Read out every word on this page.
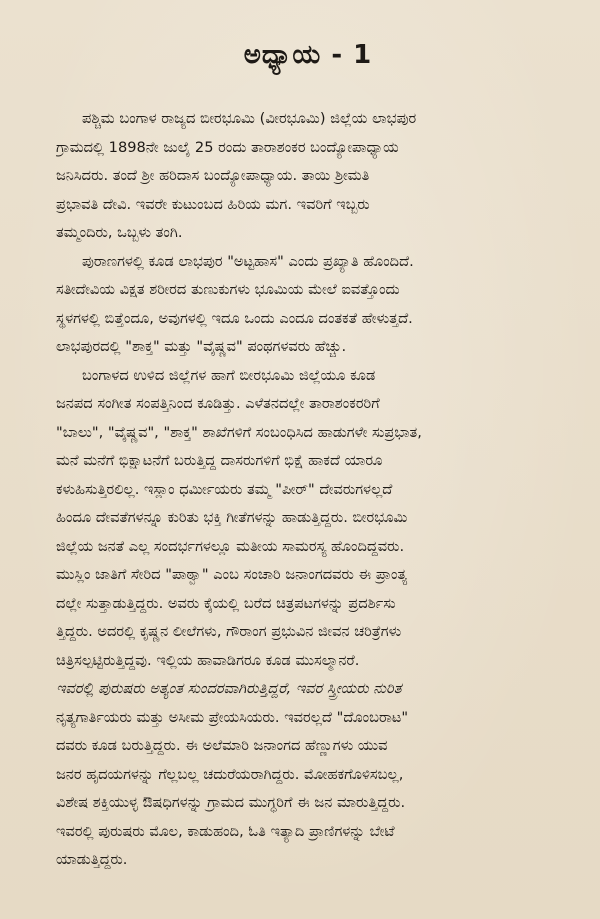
ಅಧ್ಯಾಯ - 1

ಪಶ್ಚಿಮ ಬಂಗಾಳ ರಾಜ್ಯದ ಬೀರಭೂಮಿ (ವೀರಭೂಮಿ) ಜಿಲ್ಲೆಯ ಲಾಭಪುರ
ಗ್ರಾಮದಲ್ಲಿ 1898ನೇ ಜುಲೈ 25 ರಂದು ತಾರಾಶಂಕರ ಬಂದ್ಯೋಪಾಧ್ಯಾಯ
ಜನಿಸಿದರು. ತಂದೆ ಶ್ರೀ ಹರಿದಾಸ ಬಂದ್ಯೋಪಾಧ್ಯಾಯ. ತಾಯಿ ಶ್ರೀಮತಿ
ಪ್ರಭಾವತಿ ದೇವಿ. ಇವರೇ ಕುಟುಂಬದ ಹಿರಿಯ ಮಗ. ಇವರಿಗೆ ಇಬ್ಬರು
ತಮ್ಮಂದಿರು, ಒಬ್ಬಳು ತಂಗಿ.

ಪುರಾಣಗಳಲ್ಲಿ ಕೂಡ ಲಾಭಪುರ "ಅಟ್ಟಹಾಸ" ಎಂದು ಪ್ರಖ್ಯಾತಿ ಹೊಂದಿದೆ.
ಸತೀದೇವಿಯ ವಿಕ್ಷತ ಶರೀರದ ತುಣುಕುಗಳು ಭೂಮಿಯ ಮೇಲೆ ಐವತ್ತೊಂದು
ಸ್ಥಳಗಳಲ್ಲಿ ಬಿತ್ತೆಂದೂ, ಅವುಗಳಲ್ಲಿ ಇದೂ ಒಂದು ಎಂದೂ ದಂತಕತೆ ಹೇಳುತ್ತದೆ.
ಲಾಭಪುರದಲ್ಲಿ "ಶಾಕ್ತ" ಮತ್ತು "ವೈಷ್ಣವ" ಪಂಥಗಳವರು ಹೆಚ್ಚು.

ಬಂಗಾಳದ ಉಳಿದ ಜಿಲ್ಲೆಗಳ ಹಾಗೆ ಬೀರಭೂಮಿ ಜಿಲ್ಲೆಯೂ ಕೂಡ
ಜನಪದ ಸಂಗೀತ ಸಂಪತ್ತಿನಿಂದ ಕೂಡಿತ್ತು. ಎಳೆತನದಲ್ಲೇ ತಾರಾಶಂಕರರಿಗೆ
"ಬಾಲು", "ವೈಷ್ಣವ", "ಶಾಕ್ತ" ಶಾಖೆಗಳಿಗೆ ಸಂಬಂಧಿಸಿದ ಹಾಡುಗಳೇ ಸುಪ್ರಭಾತ,
ಮನೆ ಮನೆಗೆ ಭಿಕ್ಷಾಟನೆಗೆ ಬರುತ್ತಿದ್ದ ದಾಸರುಗಳಿಗೆ ಭಿಕ್ಷೆ ಹಾಕದೆ ಯಾರೂ
ಕಳುಹಿಸುತ್ತಿರಲಿಲ್ಲ. ಇಸ್ಲಾಂ ಧರ್ಮೀಯರು ತಮ್ಮ "ಪೀರ್" ದೇವರುಗಳಲ್ಲದೆ
ಹಿಂದೂ ದೇವತೆಗಳನ್ನೂ ಕುರಿತು ಭಕ್ತಿ ಗೀತೆಗಳನ್ನು ಹಾಡುತ್ತಿದ್ದರು. ಬೀರಭೂಮಿ
ಜಿಲ್ಲೆಯ ಜನತೆ ಎಲ್ಲ ಸಂದರ್ಭಗಳಲ್ಲೂ ಮತೀಯ ಸಾಮರಸ್ಯ ಹೊಂದಿದ್ದವರು.
ಮುಸ್ಲಿಂ ಜಾತಿಗೆ ಸೇರಿದ "ಪಾಠ್ವಾ" ಎಂಬ ಸಂಚಾರಿ ಜನಾಂಗದವರು ಈ ಪ್ರಾಂತ್ಯ
ದಲ್ಲೇ ಸುತ್ತಾಡುತ್ತಿದ್ದರು. ಅವರು ಕೈಯಲ್ಲಿ ಬರೆದ ಚಿತ್ರಪಟಗಳನ್ನು ಪ್ರದರ್ಶಿಸು
ತ್ತಿದ್ದರು. ಅದರಲ್ಲಿ ಕೃಷ್ಣನ ಲೀಲೆಗಳು, ಗೌರಾಂಗ ಪ್ರಭುವಿನ ಜೀವನ ಚರಿತ್ರೆಗಳು
ಚಿತ್ರಿಸಲ್ಪಟ್ಟಿರುತ್ತಿದ್ದವು. ಇಲ್ಲಿಯ ಹಾವಾಡಿಗರೂ ಕೂಡ ಮುಸಲ್ಮಾನರೆ.
ಇವರಲ್ಲಿ ಪುರುಷರು ಅತ್ಯಂತ ಸುಂದರವಾಗಿರುತ್ತಿದ್ದರೆ, ಇವರ ಸ್ತ್ರೀಯರು ನುರಿತ
ನೃತ್ಯಗಾರ್ತಿಯರು ಮತ್ತು ಅಸೀಮ ಪ್ರೇಯಸಿಯರು. ಇವರಲ್ಲದೆ "ದೊಂಬರಾಟ"
ದವರು ಕೂಡ ಬರುತ್ತಿದ್ದರು. ಈ ಅಲೆಮಾರಿ ಜನಾಂಗದ ಹೆಣ್ಣುಗಳು ಯುವ
ಜನರ ಹೃದಯಗಳನ್ನು ಗೆಲ್ಲಬಲ್ಲ ಚದುರೆಯರಾಗಿದ್ದರು. ಮೋಹಕಗೊಳಿಸಬಲ್ಲ,
ವಿಶೇಷ ಶಕ್ತಿಯುಳ್ಳ ಔಷಧಿಗಳನ್ನು ಗ್ರಾಮದ ಮುಗ್ಧರಿಗೆ ಈ ಜನ ಮಾರುತ್ತಿದ್ದರು.
ಇವರಲ್ಲಿ ಪುರುಷರು ಮೊಲ, ಕಾಡುಹಂದಿ, ಓತಿ ಇತ್ಯಾದಿ ಪ್ರಾಣಿಗಳನ್ನು ಬೇಟೆ
ಯಾಡುತ್ತಿದ್ದರು.
